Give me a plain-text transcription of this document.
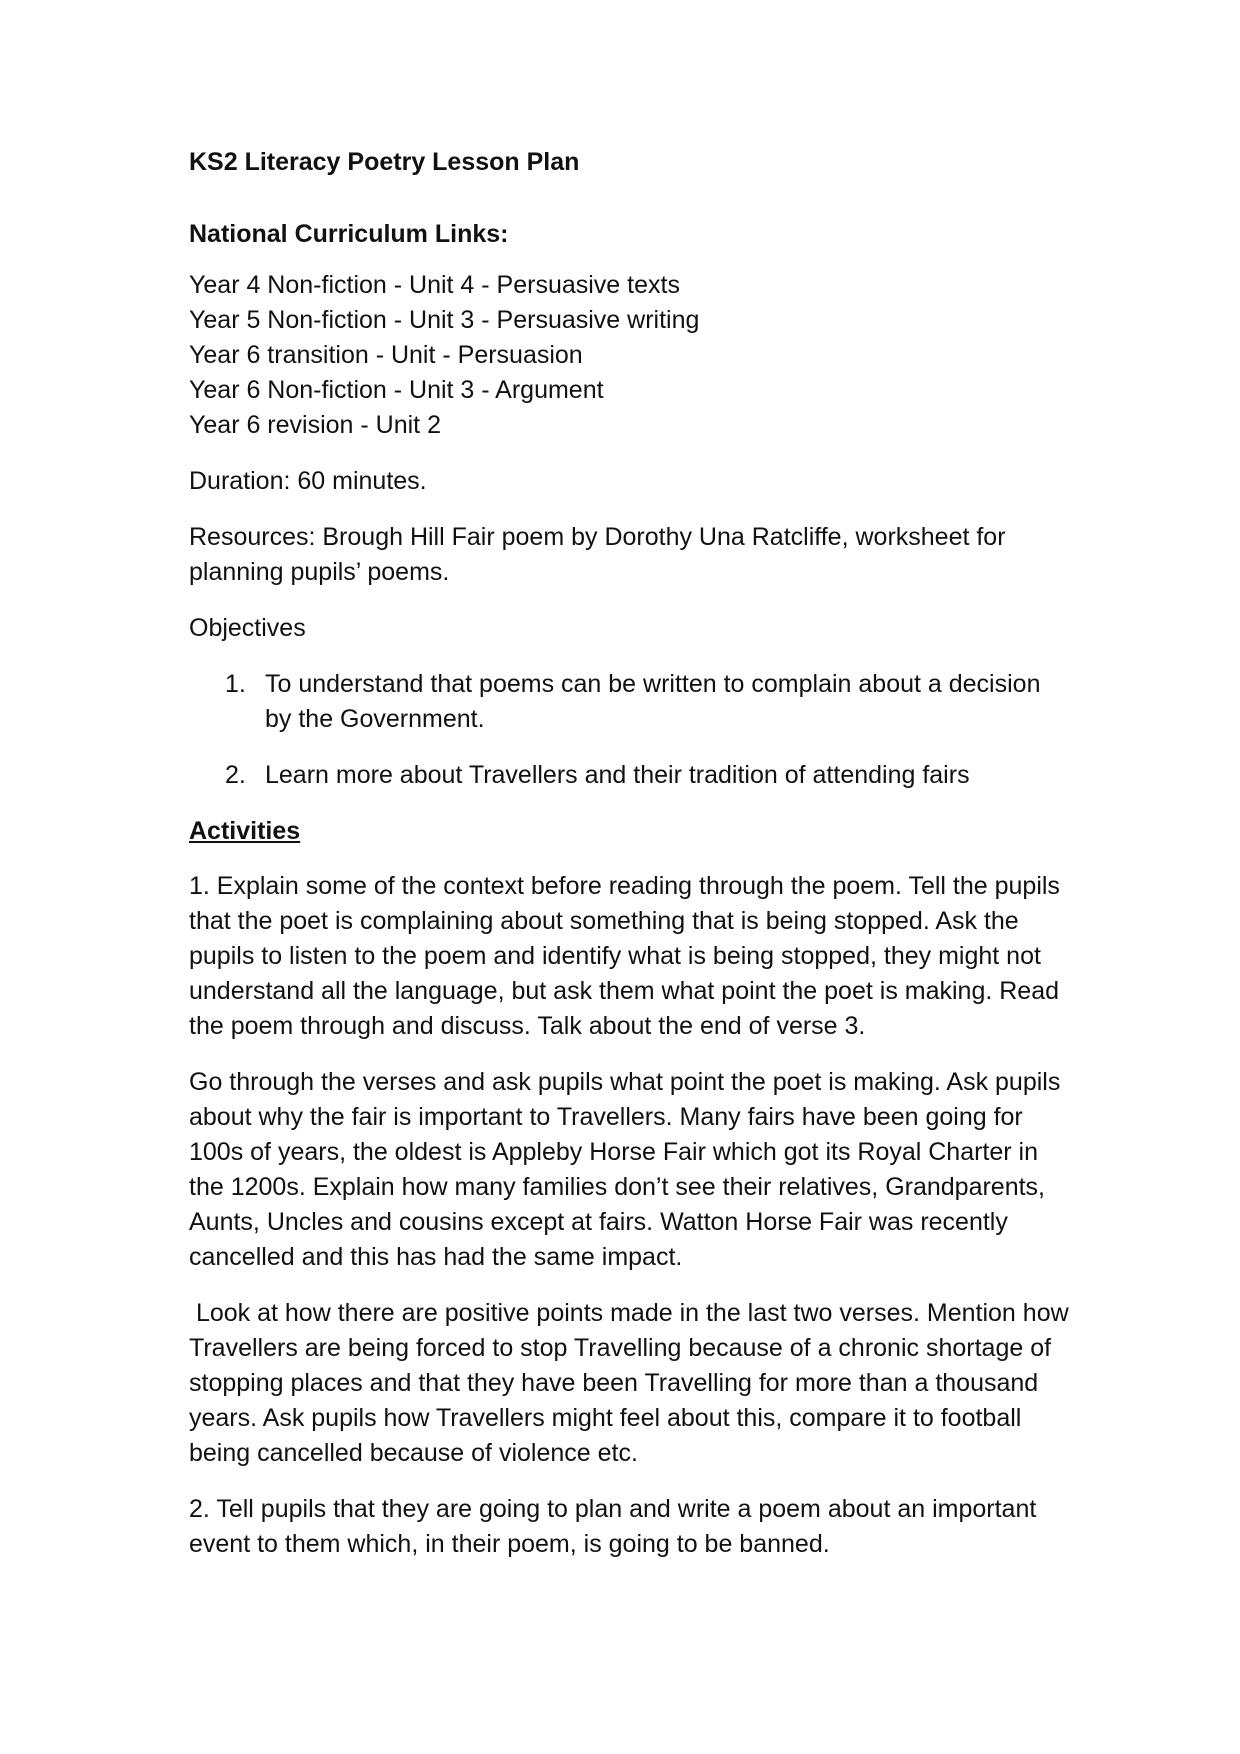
KS2 Literacy Poetry Lesson Plan
National Curriculum Links:
Year 4 Non-fiction - Unit 4 - Persuasive texts
Year 5 Non-fiction - Unit 3 - Persuasive writing
Year 6 transition - Unit - Persuasion
Year 6 Non-fiction - Unit 3 - Argument
Year 6 revision - Unit 2

Duration: 60 minutes.

Resources: Brough Hill Fair poem by Dorothy Una Ratcliffe, worksheet for planning pupils’ poems.

Objectives

1. To understand that poems can be written to complain about a decision by the Government.
2. Learn more about Travellers and their tradition of attending fairs
Activities

1. Explain some of the context before reading through the poem. Tell the pupils that the poet is complaining about something that is being stopped. Ask the pupils to listen to the poem and identify what is being stopped, they might not understand all the language, but ask them what point the poet is making. Read the poem through and discuss. Talk about the end of verse 3.

Go through the verses and ask pupils what point the poet is making. Ask pupils about why the fair is important to Travellers. Many fairs have been going for 100s of years, the oldest is Appleby Horse Fair which got its Royal Charter in the 1200s. Explain how many families don’t see their relatives, Grandparents, Aunts, Uncles and cousins except at fairs. Watton Horse Fair was recently cancelled and this has had the same impact.

Look at how there are positive points made in the last two verses. Mention how Travellers are being forced to stop Travelling because of a chronic shortage of stopping places and that they have been Travelling for more than a thousand years. Ask pupils how Travellers might feel about this, compare it to football being cancelled because of violence etc.

2. Tell pupils that they are going to plan and write a poem about an important event to them which, in their poem, is going to be banned.
